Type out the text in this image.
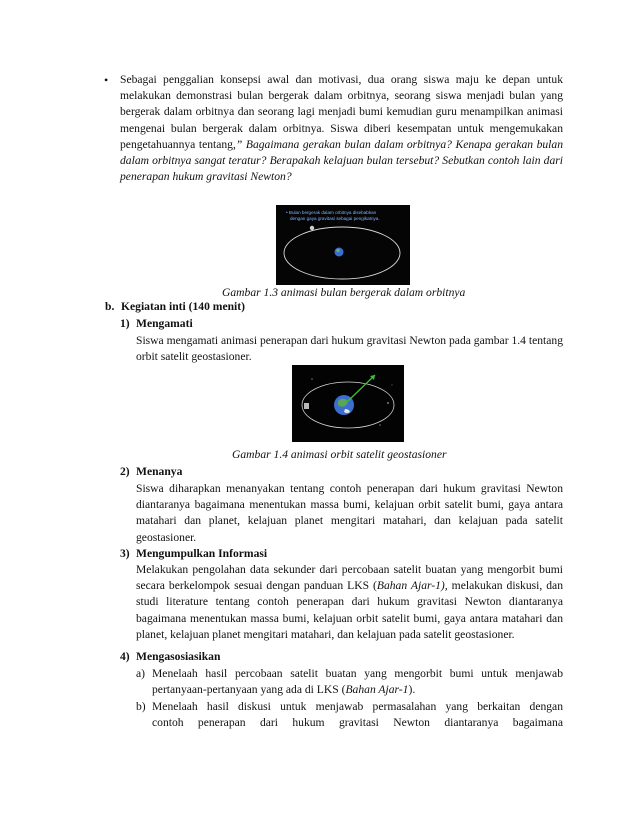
• Sebagai penggalian konsepsi awal dan motivasi, dua orang siswa maju ke depan untuk melakukan demonstrasi bulan bergerak dalam orbitnya, seorang siswa menjadi bulan yang bergerak dalam orbitnya dan seorang lagi menjadi bumi kemudian guru menampilkan animasi mengenai bulan bergerak dalam orbitnya. Siswa diberi kesempatan untuk mengemukakan pengetahuannya tentang,” Bagaimana gerakan bulan dalam orbitnya? Kenapa gerakan bulan dalam orbitnya sangat teratur? Berapakah kelajuan bulan tersebut? Sebutkan contoh lain dari penerapan hukum gravitasi Newton?
• Bulan bergerak dalam orbitnya disebabkan
dengan gaya gravitasi sebagai pengikatnya.
Gambar 1.3 animasi bulan bergerak dalam orbitnya
b. Kegiatan inti (140 menit)
1) Mengamati
Siswa mengamati animasi penerapan dari hukum gravitasi Newton pada gambar 1.4 tentang orbit satelit geostasioner.
Gambar 1.4 animasi orbit satelit geostasioner
2) Menanya
Siswa diharapkan menanyakan tentang contoh penerapan dari hukum gravitasi Newton diantaranya bagaimana menentukan massa bumi, kelajuan orbit satelit bumi, gaya antara matahari dan planet, kelajuan planet mengitari matahari, dan kelajuan pada satelit geostasioner.
3) Mengumpulkan Informasi
Melakukan pengolahan data sekunder dari percobaan satelit buatan yang mengorbit bumi secara berkelompok sesuai dengan panduan LKS (Bahan Ajar-1), melakukan diskusi, dan studi literature tentang contoh penerapan dari hukum gravitasi Newton diantaranya bagaimana menentukan massa bumi, kelajuan orbit satelit bumi, gaya antara matahari dan planet, kelajuan planet mengitari matahari, dan kelajuan pada satelit geostasioner.
4) Mengasosiasikan
a) Menelaah hasil percobaan satelit buatan yang mengorbit bumi untuk menjawab pertanyaan-pertanyaan yang ada di LKS (Bahan Ajar-1).
b) Menelaah hasil diskusi untuk menjawab permasalahan yang berkaitan dengan
contoh penerapan dari hukum gravitasi Newton diantaranya bagaimana
